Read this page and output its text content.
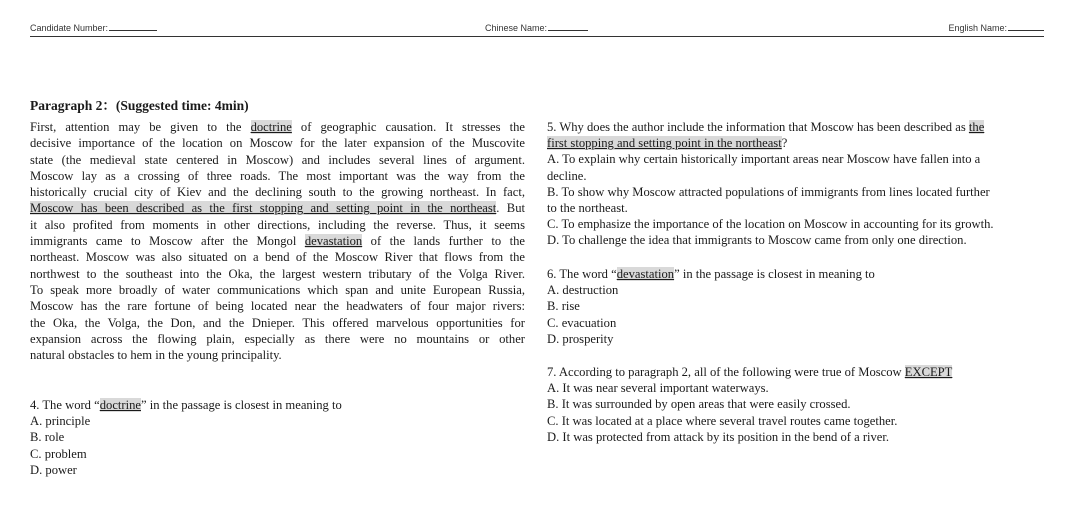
Candidate Number:	Chinese Name:	English Name:
Paragraph 2：(Suggested time: 4min)
First, attention may be given to the doctrine of geographic causation. It stresses the
decisive importance of the location on Moscow for the later expansion of the Muscovite
state (the medieval state centered in Moscow) and includes several lines of argument.
Moscow lay as a crossing of three roads. The most important was the way from the
historically crucial city of Kiev and the declining south to the growing northeast. In fact,
Moscow has been described as the first stopping and setting point in the northeast. But
it also profited from moments in other directions, including the reverse. Thus, it seems
immigrants came to Moscow after the Mongol devastation of the lands further to the
northeast. Moscow was also situated on a bend of the Moscow River that flows from the
northwest to the southeast into the Oka, the largest western tributary of the Volga River.
To speak more broadly of water communications which span and unite European Russia,
Moscow has the rare fortune of being located near the headwaters of four major rivers:
the Oka, the Volga, the Don, and the Dnieper. This offered marvelous opportunities for
expansion across the flowing plain, especially as there were no mountains or other
natural obstacles to hem in the young principality.
4. The word “doctrine” in the passage is closest in meaning to
A. principle
B. role
C. problem
D. power
5. Why does the author include the information that Moscow has been described as the
first stopping and setting point in the northeast?
A. To explain why certain historically important areas near Moscow have fallen into a
decline.
B. To show why Moscow attracted populations of immigrants from lines located further
to the northeast.
C. To emphasize the importance of the location on Moscow in accounting for its growth.
D. To challenge the idea that immigrants to Moscow came from only one direction.
6. The word “devastation” in the passage is closest in meaning to
A. destruction
B. rise
C. evacuation
D. prosperity
7. According to paragraph 2, all of the following were true of Moscow EXCEPT
A. It was near several important waterways.
B. It was surrounded by open areas that were easily crossed.
C. It was located at a place where several travel routes came together.
D. It was protected from attack by its position in the bend of a river.
